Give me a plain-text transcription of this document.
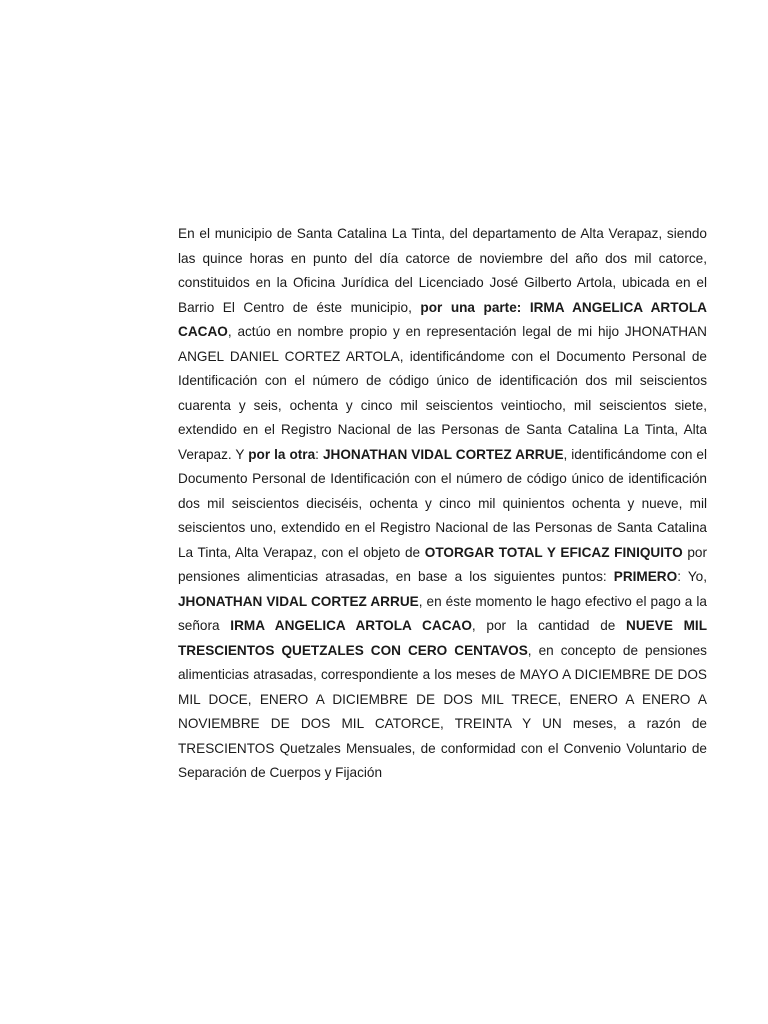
En el municipio de Santa Catalina La Tinta, del departamento de Alta Verapaz, siendo las quince horas en punto del día catorce de noviembre del año dos mil catorce, constituidos en la Oficina Jurídica del Licenciado José Gilberto Artola, ubicada en el Barrio El Centro de éste municipio, por una parte: IRMA ANGELICA ARTOLA CACAO, actúo en nombre propio y en representación legal de mi hijo JHONATHAN ANGEL DANIEL CORTEZ ARTOLA, identificándome con el Documento Personal de Identificación con el número de código único de identificación dos mil seiscientos cuarenta y seis, ochenta y cinco mil seiscientos veintiocho, mil seiscientos siete, extendido en el Registro Nacional de las Personas de Santa Catalina La Tinta, Alta Verapaz. Y por la otra: JHONATHAN VIDAL CORTEZ ARRUE, identificándome con el Documento Personal de Identificación con el número de código único de identificación dos mil seiscientos dieciséis, ochenta y cinco mil quinientos ochenta y nueve, mil seiscientos uno, extendido en el Registro Nacional de las Personas de Santa Catalina La Tinta, Alta Verapaz, con el objeto de OTORGAR TOTAL Y EFICAZ FINIQUITO por pensiones alimenticias atrasadas, en base a los siguientes puntos: PRIMERO: Yo, JHONATHAN VIDAL CORTEZ ARRUE, en éste momento le hago efectivo el pago a la señora IRMA ANGELICA ARTOLA CACAO, por la cantidad de NUEVE MIL TRESCIENTOS QUETZALES CON CERO CENTAVOS, en concepto de pensiones alimenticias atrasadas, correspondiente a los meses de MAYO A DICIEMBRE DE DOS MIL DOCE, ENERO A DICIEMBRE DE DOS MIL TRECE, ENERO A ENERO A NOVIEMBRE DE DOS MIL CATORCE, TREINTA Y UN meses, a razón de TRESCIENTOS Quetzales Mensuales, de conformidad con el Convenio Voluntario de Separación de Cuerpos y Fijación
